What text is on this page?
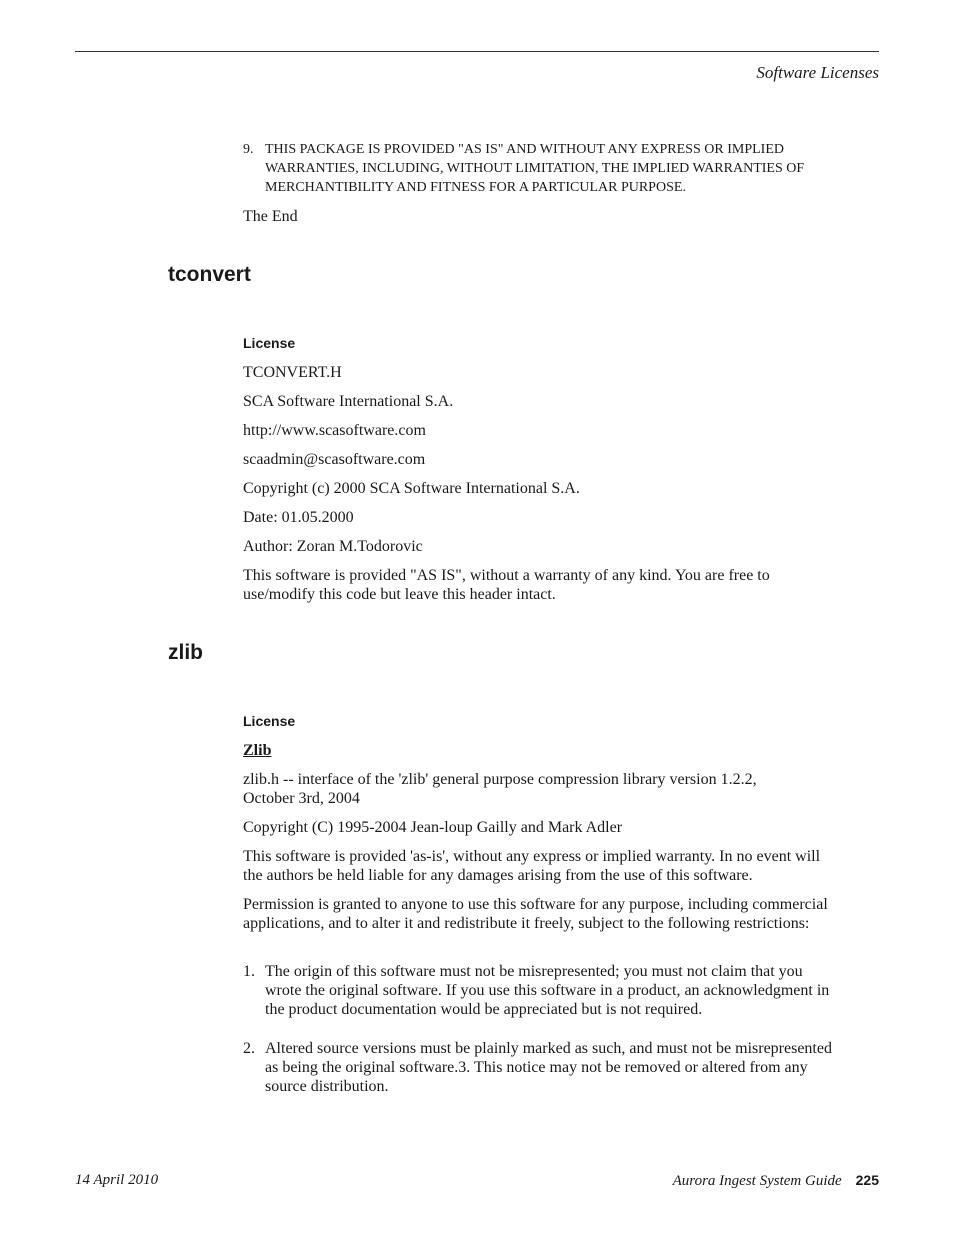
Software Licenses
9. THIS PACKAGE IS PROVIDED "AS IS" AND WITHOUT ANY EXPRESS OR IMPLIED WARRANTIES, INCLUDING, WITHOUT LIMITATION, THE IMPLIED WARRANTIES OF MERCHANTIBILITY AND FITNESS FOR A PARTICULAR PURPOSE.
The End
tconvert
License
TCONVERT.H
SCA Software International S.A.
http://www.scasoftware.com
scaadmin@scasoftware.com
Copyright (c) 2000 SCA Software International S.A.
Date: 01.05.2000
Author: Zoran M.Todorovic
This software is provided "AS IS", without a warranty of any kind. You are free to use/modify this code but leave this header intact.
zlib
License
Zlib
zlib.h -- interface of the 'zlib' general purpose compression library version 1.2.2, October 3rd, 2004
Copyright (C) 1995-2004 Jean-loup Gailly and Mark Adler
This software is provided 'as-is', without any express or implied warranty. In no event will the authors be held liable for any damages arising from the use of this software.
Permission is granted to anyone to use this software for any purpose, including commercial applications, and to alter it and redistribute it freely, subject to the following restrictions:
1. The origin of this software must not be misrepresented; you must not claim that you wrote the original software. If you use this software in a product, an acknowledgment in the product documentation would be appreciated but is not required.
2. Altered source versions must be plainly marked as such, and must not be misrepresented as being the original software.3. This notice may not be removed or altered from any source distribution.
14 April 2010	Aurora Ingest System Guide 225
